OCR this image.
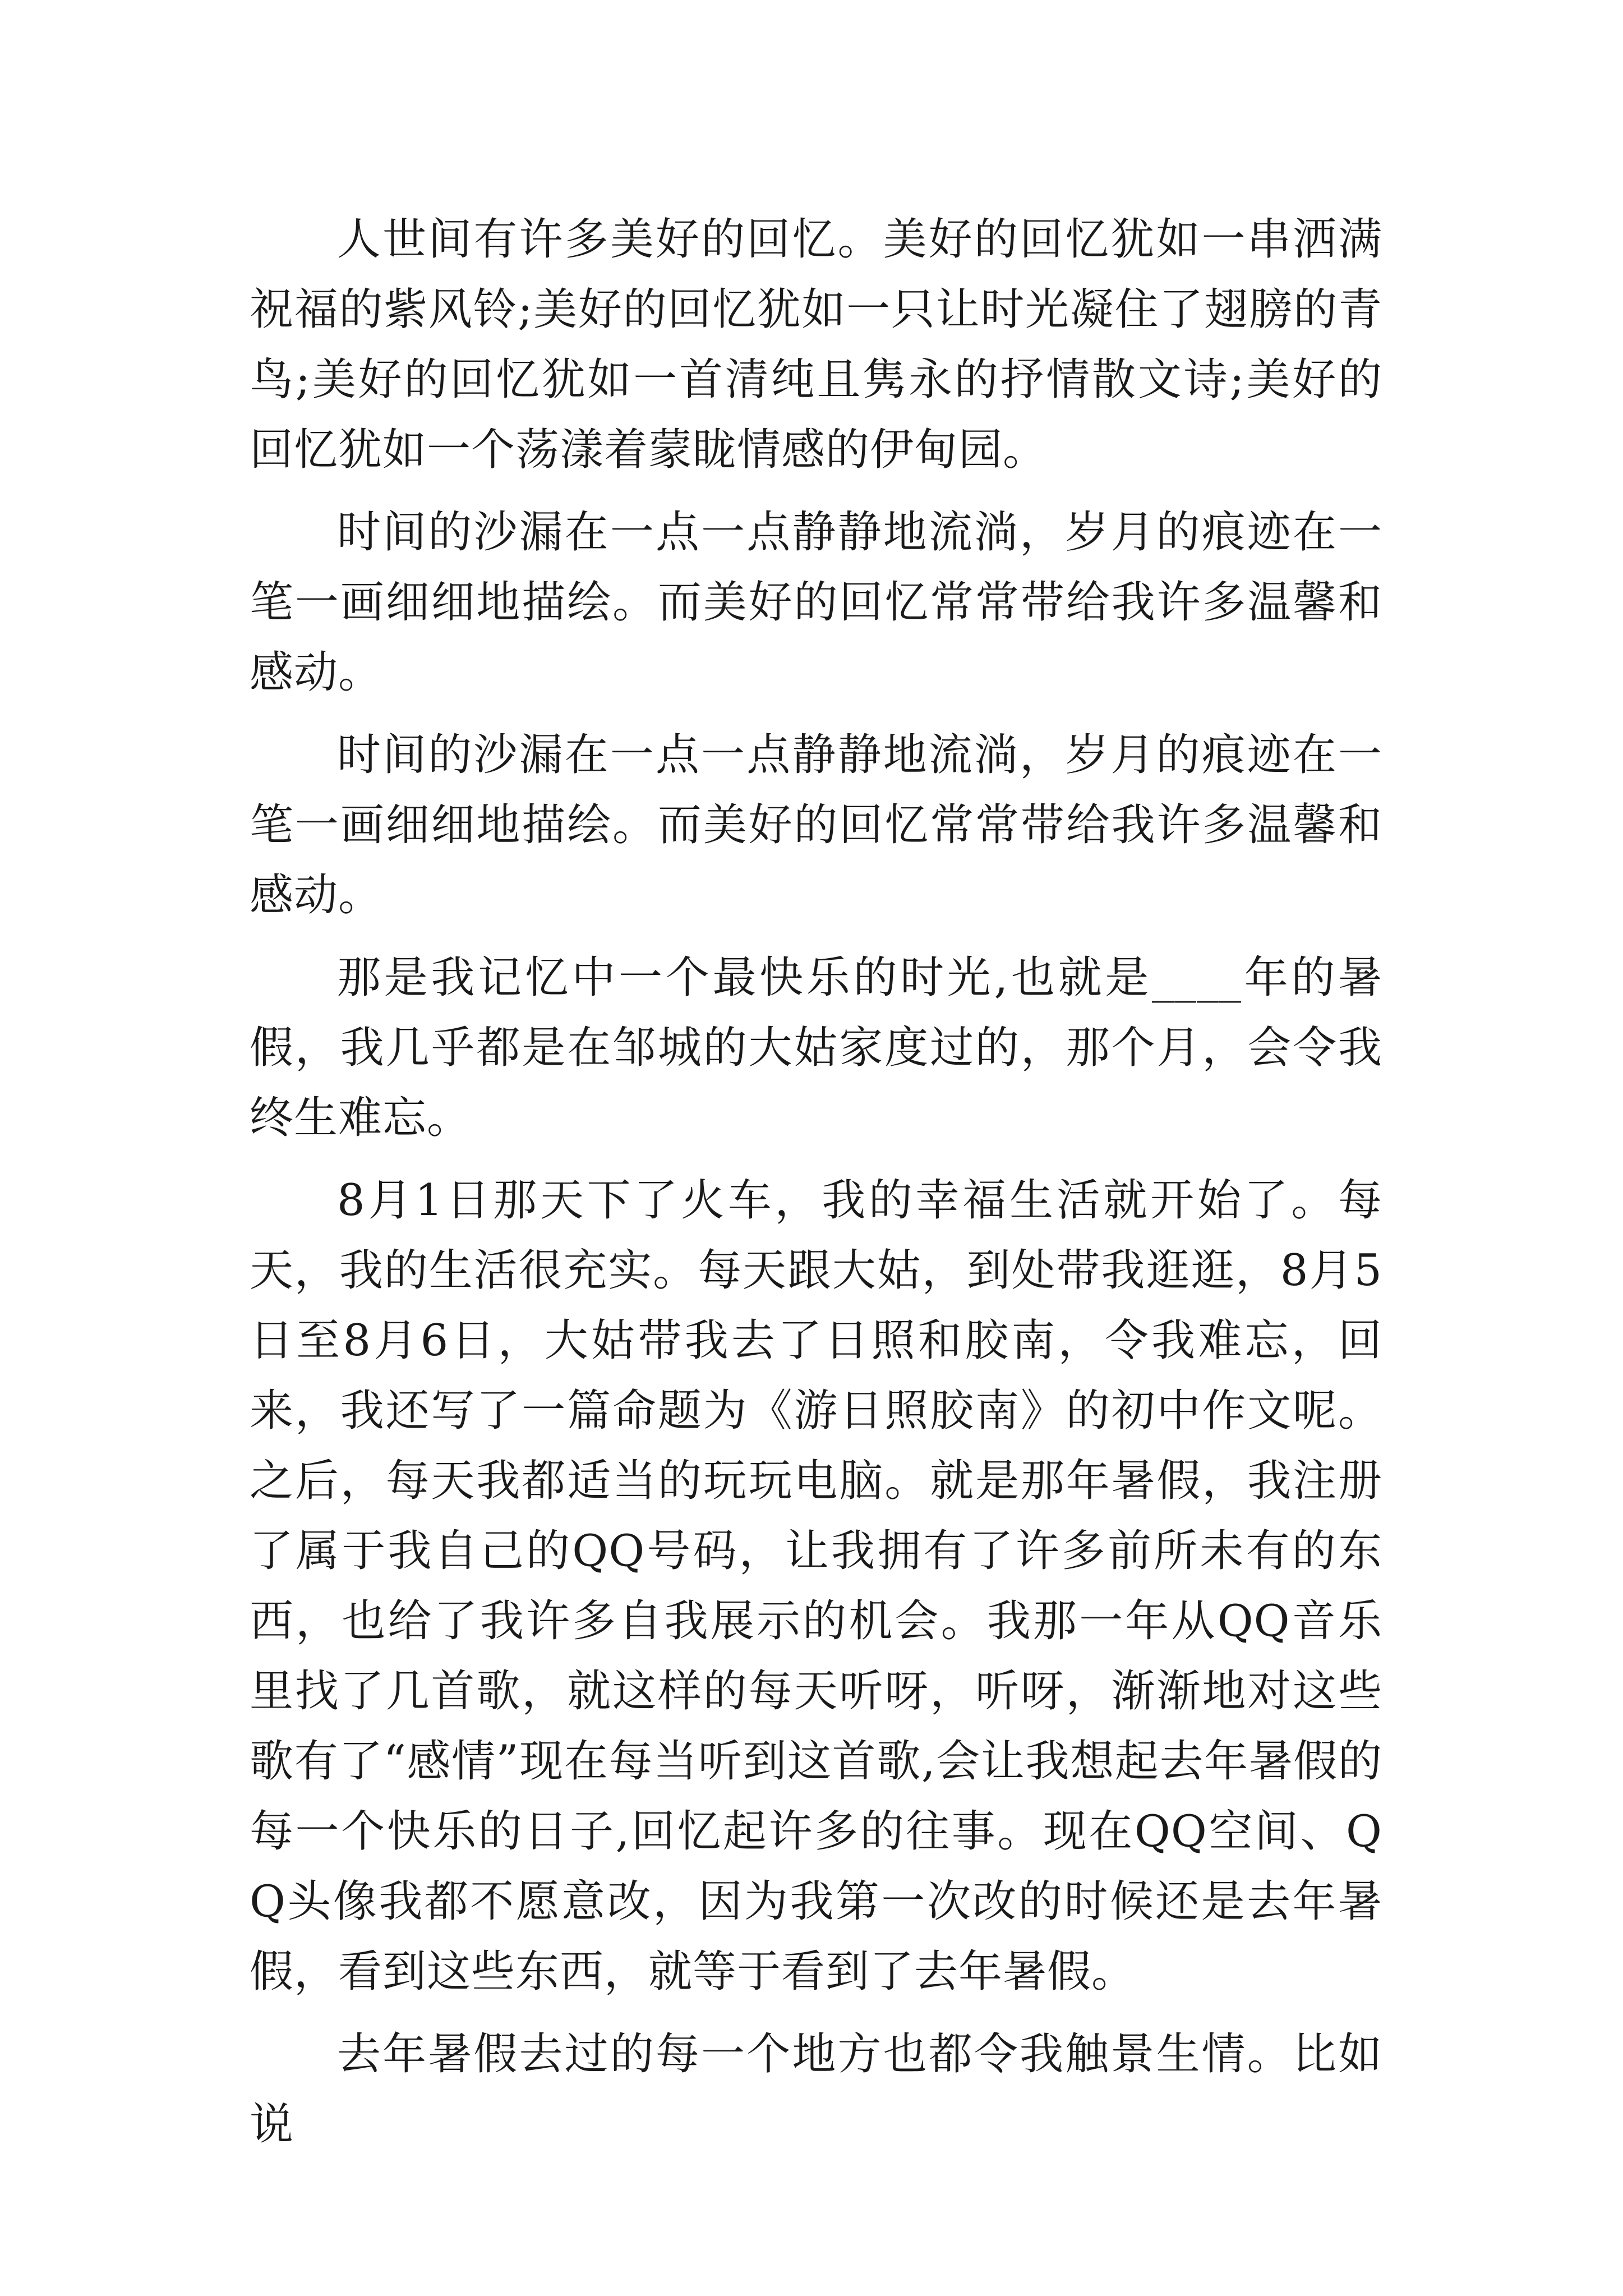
人世间有许多美好的回忆。美好的回忆犹如一串洒满祝福的紫风铃;美好的回忆犹如一只让时光凝住了翅膀的青鸟;美好的回忆犹如一首清纯且隽永的抒情散文诗;美好的回忆犹如一个荡漾着蒙眬情感的伊甸园。

时间的沙漏在一点一点静静地流淌，岁月的痕迹在一笔一画细细地描绘。而美好的回忆常常带给我许多温馨和感动。

时间的沙漏在一点一点静静地流淌，岁月的痕迹在一笔一画细细地描绘。而美好的回忆常常带给我许多温馨和感动。

那是我记忆中一个最快乐的时光,也就是____年的暑假，我几乎都是在邹城的大姑家度过的，那个月，会令我终生难忘。

8月1日那天下了火车，我的幸福生活就开始了。每天，我的生活很充实。每天跟大姑，到处带我逛逛，8月5日至8月6日，大姑带我去了日照和胶南，令我难忘，回来，我还写了一篇命题为《游日照胶南》的初中作文呢。之后，每天我都适当的玩玩电脑。就是那年暑假，我注册了属于我自己的QQ号码，让我拥有了许多前所未有的东西，也给了我许多自我展示的机会。我那一年从QQ音乐里找了几首歌，就这样的每天听呀，听呀，渐渐地对这些歌有了“感情”现在每当听到这首歌,会让我想起去年暑假的每一个快乐的日子,回忆起许多的往事。现在QQ空间、QQ头像我都不愿意改，因为我第一次改的时候还是去年暑假，看到这些东西，就等于看到了去年暑假。

去年暑假去过的每一个地方也都令我触景生情。比如说
